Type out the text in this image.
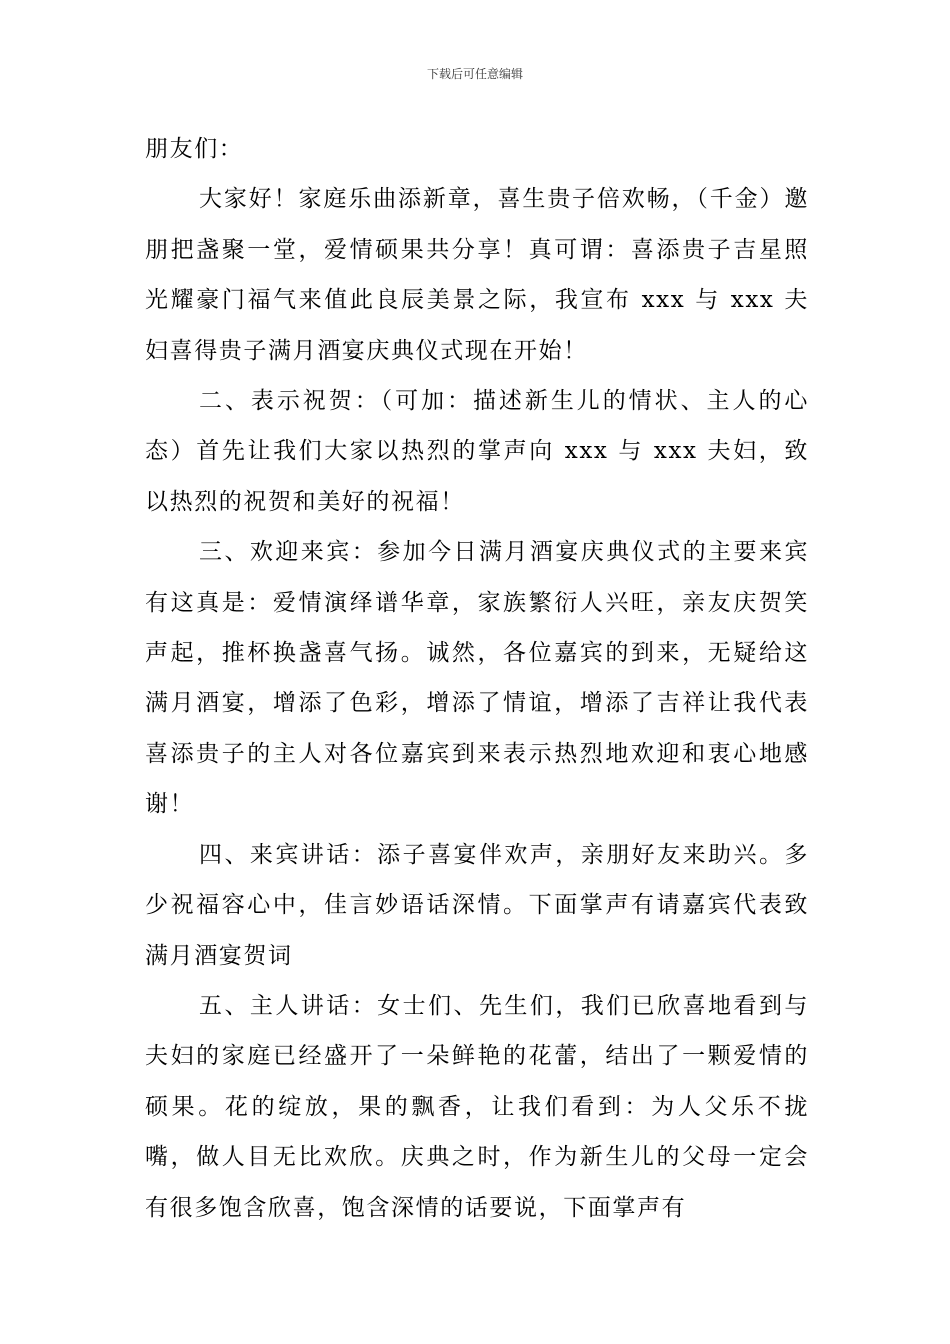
下载后可任意编辑

朋友们：

大家好！家庭乐曲添新章，喜生贵子倍欢畅，（千金）邀朋把盏聚一堂，爱情硕果共分享！真可谓：喜添贵子吉星照光耀豪门福气来值此良辰美景之际，我宣布 xxx 与 xxx 夫妇喜得贵子满月酒宴庆典仪式现在开始！

二、表示祝贺：（可加：描述新生儿的情状、主人的心态）首先让我们大家以热烈的掌声向 xxx 与 xxx 夫妇，致以热烈的祝贺和美好的祝福！

三、欢迎来宾：参加今日满月酒宴庆典仪式的主要来宾有这真是：爱情演绎谱华章，家族繁衍人兴旺，亲友庆贺笑声起，推杯换盏喜气扬。诚然，各位嘉宾的到来，无疑给这满月酒宴，增添了色彩，增添了情谊，增添了吉祥让我代表喜添贵子的主人对各位嘉宾到来表示热烈地欢迎和衷心地感谢！

四、来宾讲话：添子喜宴伴欢声，亲朋好友来助兴。多少祝福容心中，佳言妙语话深情。下面掌声有请嘉宾代表致满月酒宴贺词

五、主人讲话：女士们、先生们，我们已欣喜地看到与夫妇的家庭已经盛开了一朵鲜艳的花蕾，结出了一颗爱情的硕果。花的绽放，果的飘香，让我们看到：为人父乐不拢嘴，做人目无比欢欣。庆典之时，作为新生儿的父母一定会有很多饱含欣喜，饱含深情的话要说，下面掌声有
